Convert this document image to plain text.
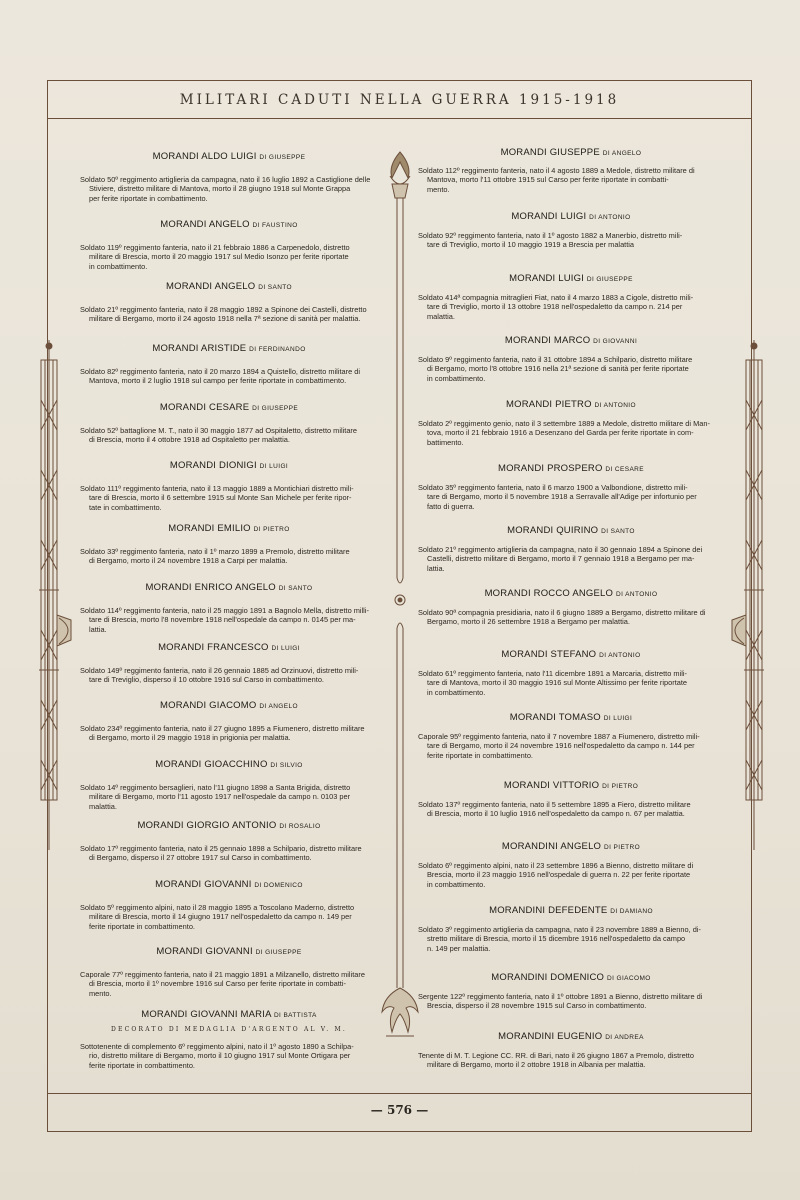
MILITARI CADUTI NELLA GUERRA 1915-1918
— 576 —
MORANDI ALDO LUIGI DI GIUSEPPE
Soldato 50º reggimento artiglieria da campagna, nato il 16 luglio 1892 a Castiglione delle
Stiviere, distretto militare di Mantova, morto il 28 giugno 1918 sul Monte Grappa
per ferite riportate in combattimento.
MORANDI ANGELO DI FAUSTINO
Soldato 119º reggimento fanteria, nato il 21 febbraio 1886 a Carpenedolo, distretto
militare di Brescia, morto il 20 maggio 1917 sul Medio Isonzo per ferite riportate
in combattimento.
MORANDI ANGELO DI SANTO
Soldato 21º reggimento fanteria, nato il 28 maggio 1892 a Spinone dei Castelli, distretto
militare di Bergamo, morto il 24 agosto 1918 nella 7ª sezione di sanità per malattia.
MORANDI ARISTIDE DI FERDINANDO
Soldato 82º reggimento fanteria, nato il 20 marzo 1894 a Quistello, distretto militare di
Mantova, morto il 2 luglio 1918 sul campo per ferite riportate in combattimento.
MORANDI CESARE DI GIUSEPPE
Soldato 52º battaglione M. T., nato il 30 maggio 1877 ad Ospitaletto, distretto militare
di Brescia, morto il 4 ottobre 1918 ad Ospitaletto per malattia.
MORANDI DIONIGI DI LUIGI
Soldato 111º reggimento fanteria, nato il 13 maggio 1889 a Montichiari distretto mili-
tare di Brescia, morto il 6 settembre 1915 sul Monte San Michele per ferite ripor-
tate in combattimento.
MORANDI EMILIO DI PIETRO
Soldato 33º reggimento fanteria, nato il 1º marzo 1899 a Premolo, distretto militare
di Bergamo, morto il 24 novembre 1918 a Carpi per malattia.
MORANDI ENRICO ANGELO DI SANTO
Soldato 114º reggimento fanteria, nato il 25 maggio 1891 a Bagnolo Mella, distretto milli-
tare di Brescia, morto l'8 novembre 1918 nell'ospedale da campo n. 0145 per ma-
lattia.
MORANDI FRANCESCO DI LUIGI
Soldato 149º reggimento fanteria, nato il 26 gennaio 1885 ad Orzinuovi, distretto mili-
tare di Treviglio, disperso il 10 ottobre 1916 sul Carso in combattimento.
MORANDI GIACOMO DI ANGELO
Soldato 234º reggimento fanteria, nato il 27 giugno 1895 a Fiumenero, distretto militare
di Bergamo, morto il 29 maggio 1918 in prigionia per malattia.
MORANDI GIOACCHINO DI SILVIO
Soldato 14º reggimento bersaglieri, nato l'11 giugno 1898 a Santa Brigida, distretto
militare di Bergamo, morto l'11 agosto 1917 nell'ospedale da campo n. 0103 per
malattia.
MORANDI GIORGIO ANTONIO DI ROSALIO
Soldato 17º reggimento fanteria, nato il 25 gennaio 1898 a Schilpario, distretto militare
di Bergamo, disperso il 27 ottobre 1917 sul Carso in combattimento.
MORANDI GIOVANNI DI DOMENICO
Soldato 5º reggimento alpini, nato il 28 maggio 1895 a Toscolano Maderno, distretto
militare di Brescia, morto il 14 giugno 1917 nell'ospedaletto da campo n. 149 per
ferite riportate in combattimento.
MORANDI GIOVANNI DI GIUSEPPE
Caporale 77º reggimento fanteria, nato il 21 maggio 1891 a Milzanello, distretto militare
di Brescia, morto il 1º novembre 1916 sul Carso per ferite riportate in combatti-
mento.
MORANDI GIOVANNI MARIA DI BATTISTA
DECORATO DI MEDAGLIA D'ARGENTO AL V. M.
Sottotenente di complemento 6º reggimento alpini, nato il 1º agosto 1890 a Schilpa-
rio, distretto militare di Bergamo, morto il 10 giugno 1917 sul Monte Ortigara per
ferite riportate in combattimento.
MORANDI GIUSEPPE DI ANGELO
Soldato 112º reggimento fanteria, nato il 4 agosto 1889 a Medole, distretto militare di
Mantova, morto l'11 ottobre 1915 sul Carso per ferite riportate in combatti-
mento.
MORANDI LUIGI DI ANTONIO
Soldato 92º reggimento fanteria, nato il 1º agosto 1882 a Manerbio, distretto mili-
tare di Treviglio, morto il 10 maggio 1919 a Brescia per malattia
MORANDI LUIGI DI GIUSEPPE
Soldato 414ª compagnia mitraglieri Fiat, nato il 4 marzo 1883 a Cigole, distretto mili-
tare di Treviglio, morto il 13 ottobre 1918 nell'ospedaletto da campo n. 214 per
malattia.
MORANDI MARCO DI GIOVANNI
Soldato 9º reggimento fanteria, nato il 31 ottobre 1894 a Schilpario, distretto militare
di Bergamo, morto l'8 ottobre 1916 nella 21ª sezione di sanità per ferite riportate
in combattimento.
MORANDI PIETRO DI ANTONIO
Soldato 2º reggimento genio, nato il 3 settembre 1889 a Medole, distretto militare di Man-
tova, morto il 21 febbraio 1916 a Desenzano del Garda per ferite riportate in com-
battimento.
MORANDI PROSPERO DI CESARE
Soldato 35º reggimento fanteria, nato il 6 marzo 1900 a Valbondione, distretto mili-
tare di Bergamo, morto il 5 novembre 1918 a Serravalle all'Adige per infortunio per
fatto di guerra.
MORANDI QUIRINO DI SANTO
Soldato 21º reggimento artiglieria da campagna, nato il 30 gennaio 1894 a Spinone dei
Castelli, distretto militare di Bergamo, morto il 7 gennaio 1918 a Bergamo per ma-
lattia.
MORANDI ROCCO ANGELO DI ANTONIO
Soldato 90ª compagnia presidiaria, nato il 6 giugno 1889 a Bergamo, distretto militare di
Bergamo, morto il 26 settembre 1918 a Bergamo per malattia.
MORANDI STEFANO DI ANTONIO
Soldato 61º reggimento fanteria, nato l'11 dicembre 1891 a Marcaria, distretto mili-
tare di Mantova, morto il 30 maggio 1916 sul Monte Altissimo per ferite riportate
in combattimento.
MORANDI TOMASO DI LUIGI
Caporale 95º reggimento fanteria, nato il 7 novembre 1887 a Fiumenero, distretto mili-
tare di Bergamo, morto il 24 novembre 1916 nell'ospedaletto da campo n. 144 per
ferite riportate in combattimento.
MORANDI VITTORIO DI PIETRO
Soldato 137º reggimento fanteria, nato il 5 settembre 1895 a Fiero, distretto militare
di Brescia, morto il 10 luglio 1916 nell'ospedaletto da campo n. 67 per malattia.
MORANDINI ANGELO DI PIETRO
Soldato 6º reggimento alpini, nato il 23 settembre 1896 a Bienno, distretto militare di
Brescia, morto il 23 maggio 1916 nell'ospedale di guerra n. 22 per ferite riportate
in combattimento.
MORANDINI DEFEDENTE DI DAMIANO
Soldato 3º reggimento artiglieria da campagna, nato il 23 novembre 1889 a Bienno, di-
stretto militare di Brescia, morto il 15 dicembre 1916 nell'ospedaletto da campo
n. 149 per malattia.
MORANDINI DOMENICO DI GIACOMO
Sergente 122º reggimento fanteria, nato il 1º ottobre 1891 a Bienno, distretto militare di
Brescia, disperso il 28 novembre 1915 sul Carso in combattimento.
MORANDINI EUGENIO DI ANDREA
Tenente di M. T. Legione CC. RR. di Bari, nato il 26 giugno 1867 a Premolo, distretto
militare di Bergamo, morto il 2 ottobre 1918 in Albania per malattia.
